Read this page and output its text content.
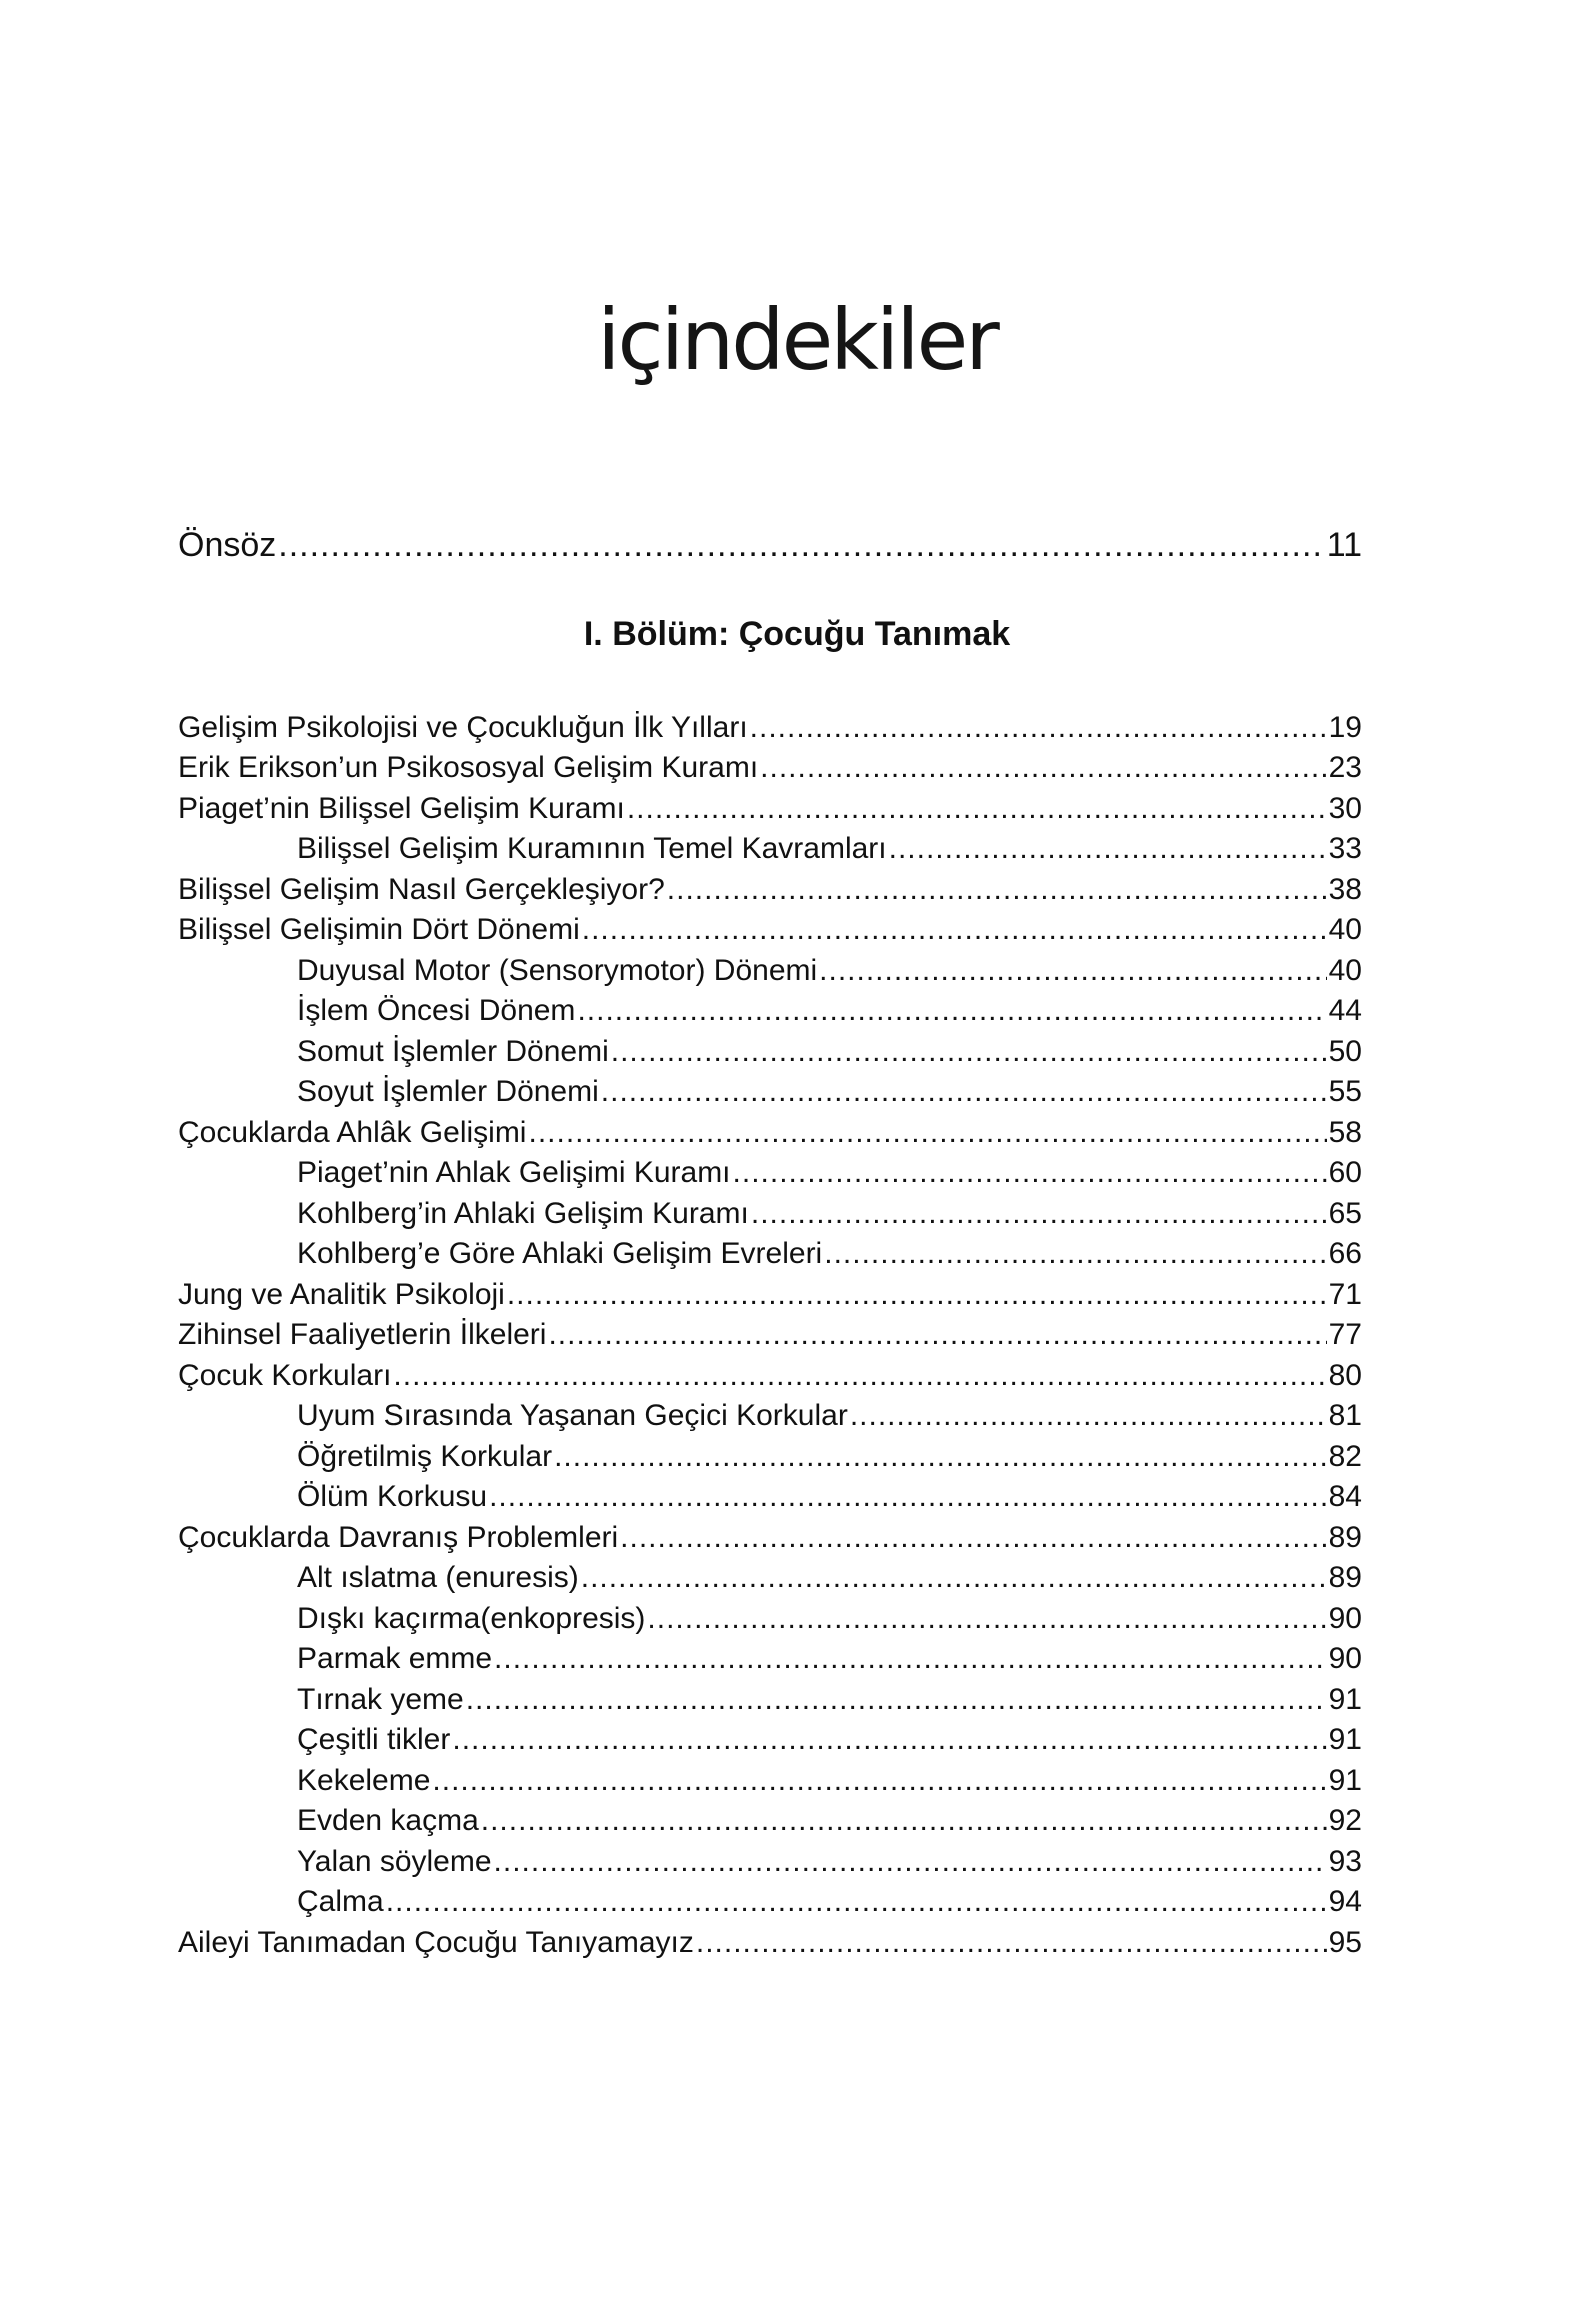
içindekiler
Önsöz .....	11
I. Bölüm: Çocuğu Tanımak
Gelişim Psikolojisi ve Çocukluğun İlk Yılları .....	19
Erik Erikson’un Psikososyal Gelişim Kuramı .....	23
Piaget’nin Bilişsel Gelişim Kuramı .....	30
Bilişsel Gelişim Kuramının Temel Kavramları .....	33
Bilişsel Gelişim Nasıl Gerçekleşiyor? .....	38
Bilişsel Gelişimin Dört Dönemi .....	40
Duyusal Motor (Sensorymotor) Dönemi .....	40
İşlem Öncesi Dönem .....	44
Somut İşlemler Dönemi .....	50
Soyut İşlemler Dönemi .....	55
Çocuklarda Ahlâk Gelişimi .....	58
Piaget’nin Ahlak Gelişimi Kuramı .....	60
Kohlberg’in Ahlaki Gelişim Kuramı .....	65
Kohlberg’e Göre Ahlaki Gelişim Evreleri .....	66
Jung ve Analitik Psikoloji .....	71
Zihinsel Faaliyetlerin İlkeleri .....	77
Çocuk Korkuları .....	80
Uyum Sırasında Yaşanan Geçici Korkular .....	81
Öğretilmiş Korkular .....	82
Ölüm Korkusu .....	84
Çocuklarda Davranış Problemleri .....	89
Alt ıslatma (enuresis) .....	89
Dışkı kaçırma(enkopresis) .....	90
Parmak emme .....	90
Tırnak yeme .....	91
Çeşitli tikler .....	91
Kekeleme .....	91
Evden kaçma .....	92
Yalan söyleme .....	93
Çalma .....	94
Aileyi Tanımadan Çocuğu Tanıyamayız .....	95
